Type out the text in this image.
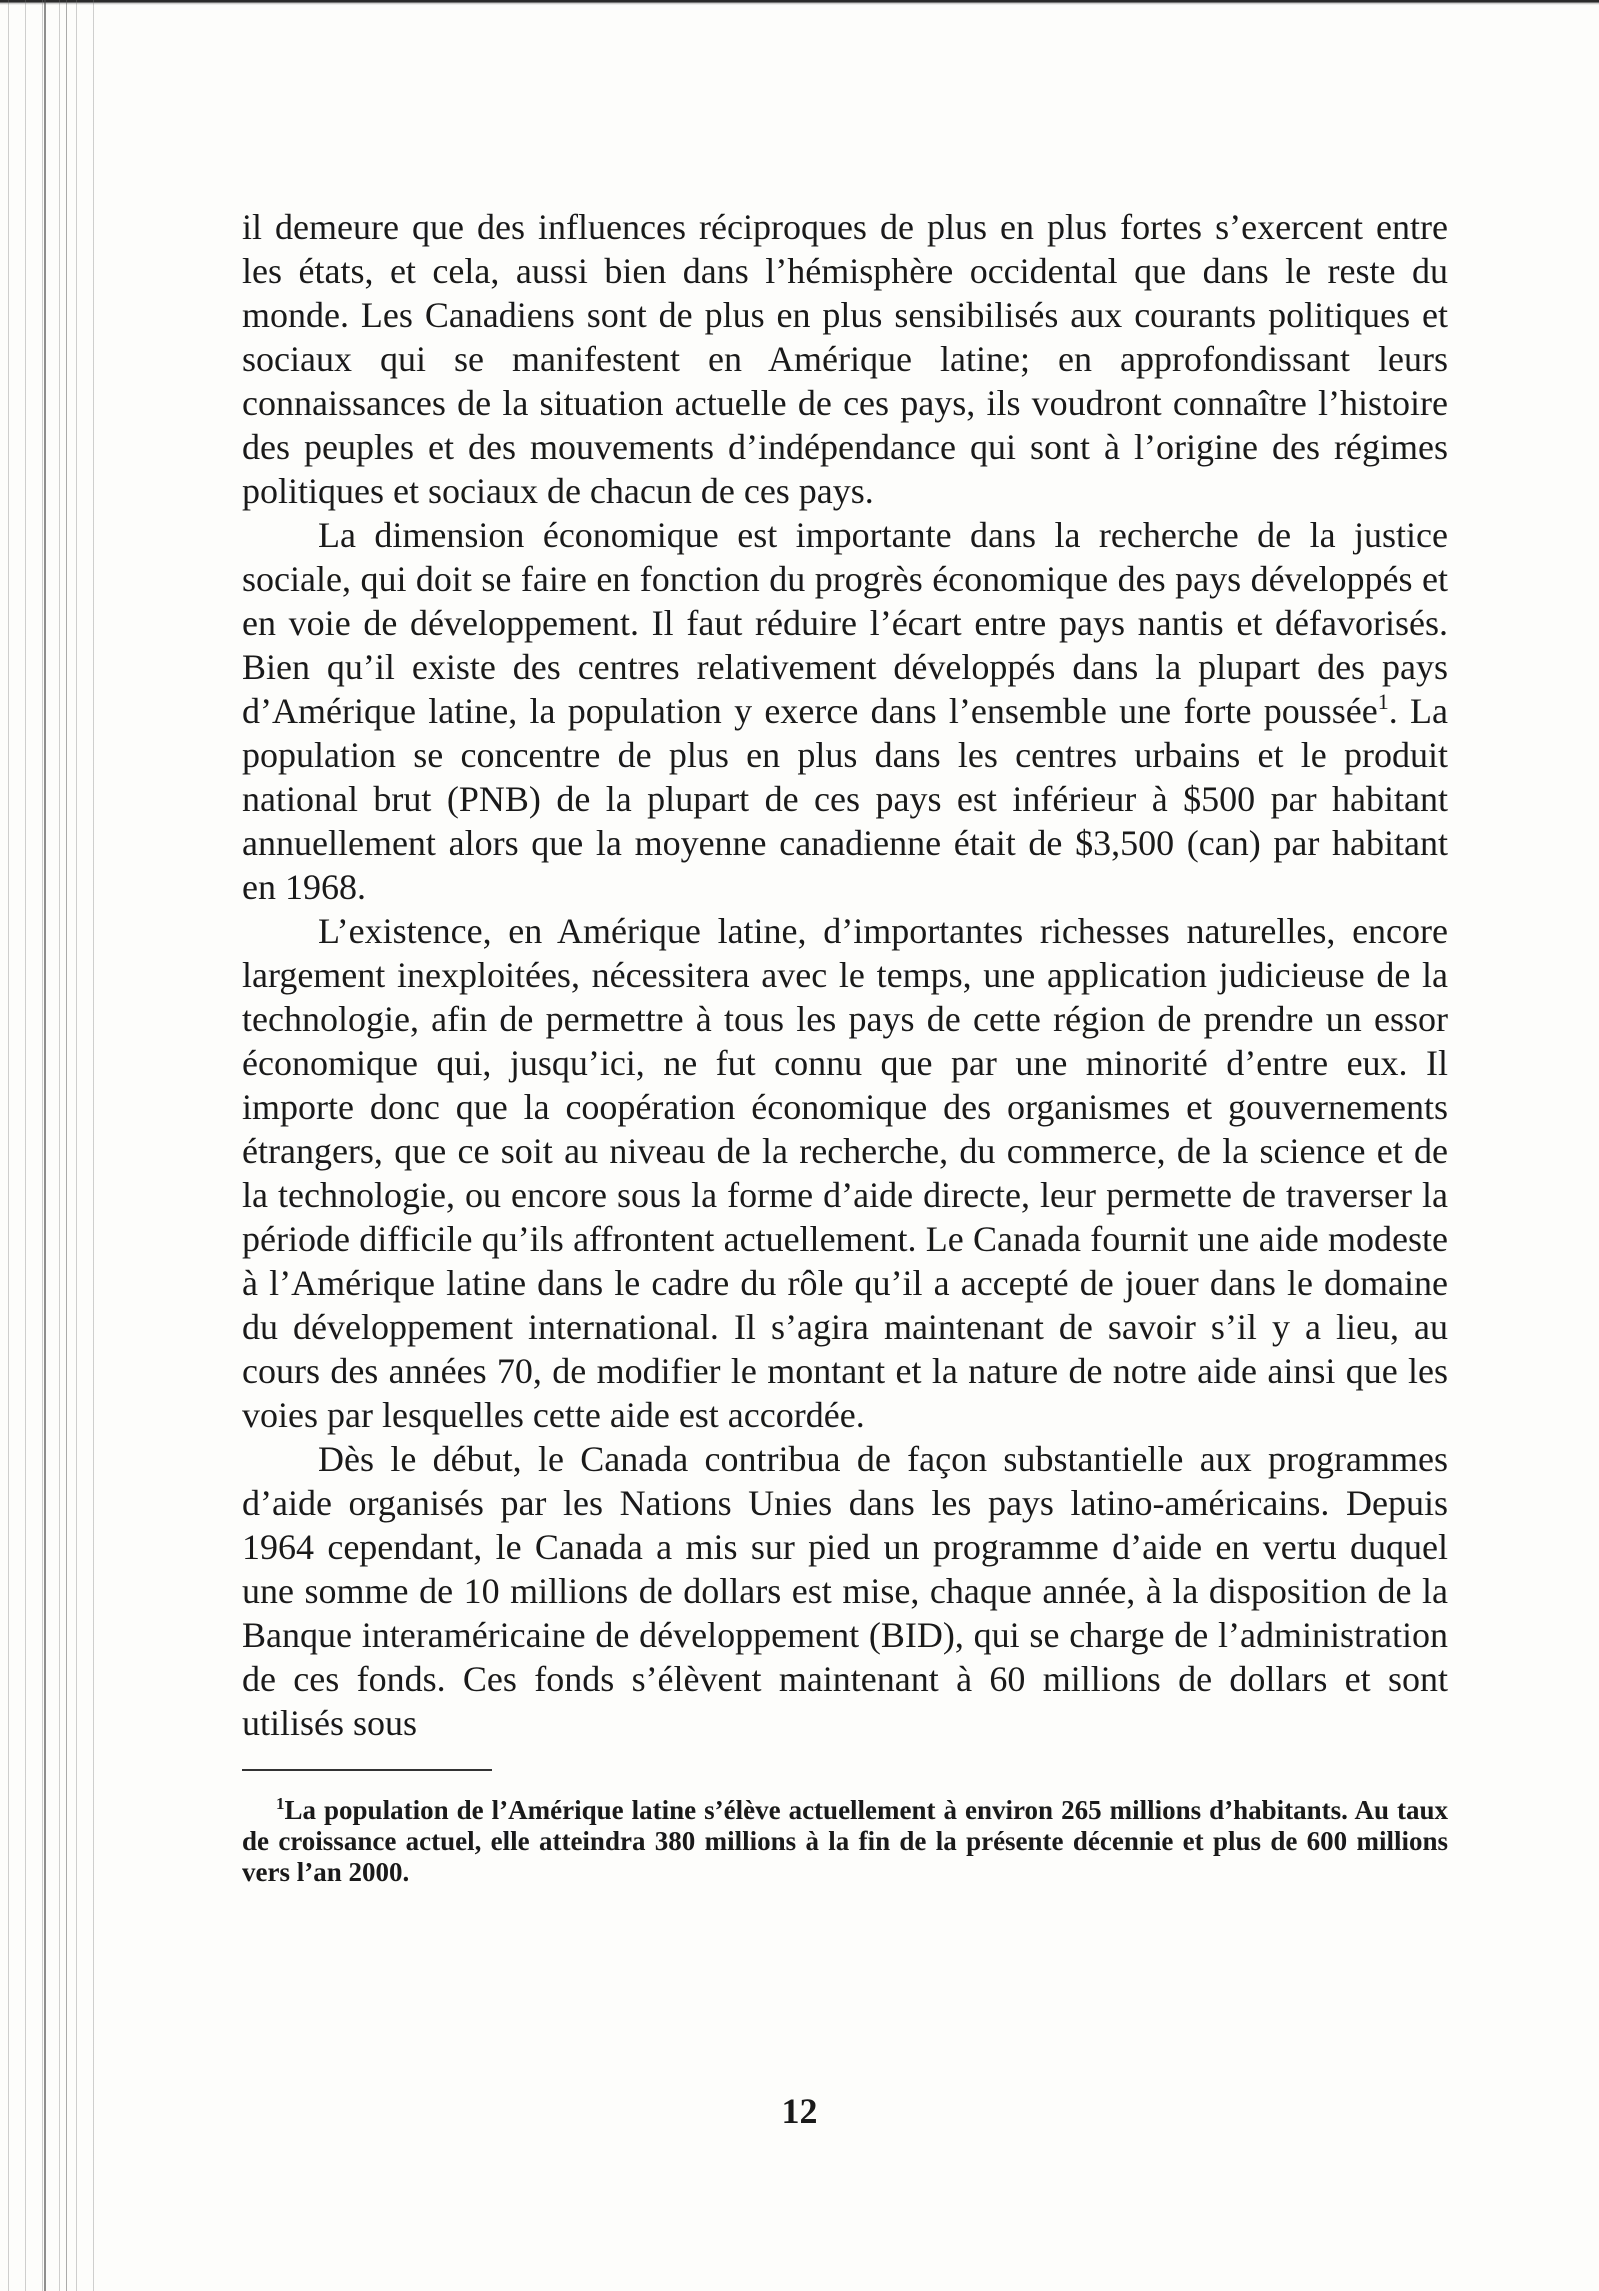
il demeure que des influences réciproques de plus en plus fortes s’exercent entre les états, et cela, aussi bien dans l’hémisphère occidental que dans le reste du monde. Les Canadiens sont de plus en plus sensibilisés aux courants politiques et sociaux qui se manifestent en Amérique latine; en approfondissant leurs connaissances de la situation actuelle de ces pays, ils voudront connaître l’histoire des peuples et des mouvements d’indépendance qui sont à l’origine des régimes politiques et sociaux de chacun de ces pays.

La dimension économique est importante dans la recherche de la justice sociale, qui doit se faire en fonction du progrès économique des pays développés et en voie de développement. Il faut réduire l’écart entre pays nantis et défavorisés. Bien qu’il existe des centres relativement développés dans la plupart des pays d’Amérique latine, la population y exerce dans l’ensemble une forte poussée$^1$. La population se concentre de plus en plus dans les centres urbains et le produit national brut (PNB) de la plupart de ces pays est inférieur à $500 par habitant annuellement alors que la moyenne canadienne était de $3,500 (can) par habitant en 1968.

L’existence, en Amérique latine, d’importantes richesses naturelles, encore largement inexploitées, nécessitera avec le temps, une application judicieuse de la technologie, afin de permettre à tous les pays de cette région de prendre un essor économique qui, jusqu’ici, ne fut connu que par une minorité d’entre eux. Il importe donc que la coopération économique des organismes et gouvernements étrangers, que ce soit au niveau de la recherche, du commerce, de la science et de la technologie, ou encore sous la forme d’aide directe, leur permette de traverser la période difficile qu’ils affrontent actuellement. Le Canada fournit une aide modeste à l’Amérique latine dans le cadre du rôle qu’il a accepté de jouer dans le domaine du développement international. Il s’agira maintenant de savoir s’il y a lieu, au cours des années 70, de modifier le montant et la nature de notre aide ainsi que les voies par lesquelles cette aide est accordée.

Dès le début, le Canada contribua de façon substantielle aux programmes d’aide organisés par les Nations Unies dans les pays latino-américains. Depuis 1964 cependant, le Canada a mis sur pied un programme d’aide en vertu duquel une somme de 10 millions de dollars est mise, chaque année, à la disposition de la Banque interaméricaine de développement (BID), qui se charge de l’administration de ces fonds. Ces fonds s’élèvent maintenant à 60 millions de dollars et sont utilisés sous

$^1$La population de l’Amérique latine s’élève actuellement à environ 265 millions d’habitants. Au taux de croissance actuel, elle atteindra 380 millions à la fin de la présente décennie et plus de 600 millions vers l’an 2000.

12
